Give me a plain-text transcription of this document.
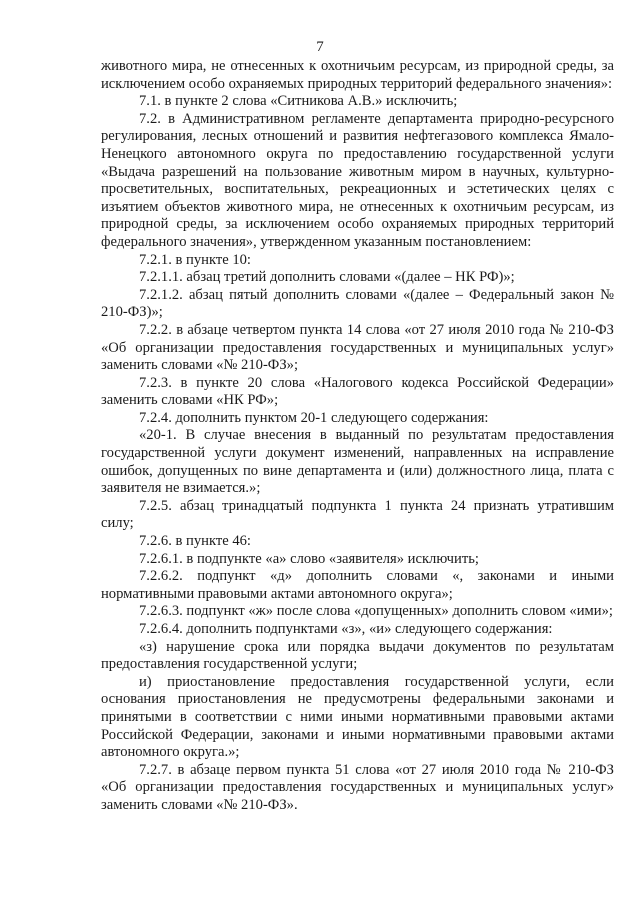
7

животного мира, не отнесенных к охотничьим ресурсам, из природной среды, за исключением особо охраняемых природных территорий федерального значения»:

7.1. в пункте 2 слова «Ситникова А.В.» исключить;

7.2. в Административном регламенте департамента природно-ресурсного регулирования, лесных отношений и развития нефтегазового комплекса Ямало-Ненецкого автономного округа по предоставлению государственной услуги «Выдача разрешений на пользование животным миром в научных, культурно-просветительных, воспитательных, рекреационных и эстетических целях с изъятием объектов животного мира, не отнесенных к охотничьим ресурсам, из природной среды, за исключением особо охраняемых природных территорий федерального значения», утвержденном указанным постановлением:

7.2.1. в пункте 10:

7.2.1.1. абзац третий дополнить словами «(далее – НК РФ)»;

7.2.1.2. абзац пятый дополнить словами «(далее – Федеральный закон № 210-ФЗ)»;

7.2.2. в абзаце четвертом пункта 14 слова «от 27 июля 2010 года № 210-ФЗ «Об организации предоставления государственных и муниципальных услуг» заменить словами «№ 210-ФЗ»;

7.2.3. в пункте 20 слова «Налогового кодекса Российской Федерации» заменить словами «НК РФ»;

7.2.4. дополнить пунктом 20-1 следующего содержания:

«20-1. В случае внесения в выданный по результатам предоставления государственной услуги документ изменений, направленных на исправление ошибок, допущенных по вине департамента и (или) должностного лица, плата с заявителя не взимается.»;

7.2.5. абзац тринадцатый подпункта 1 пункта 24 признать утратившим силу;

7.2.6. в пункте 46:

7.2.6.1. в подпункте «а» слово «заявителя» исключить;

7.2.6.2. подпункт «д» дополнить словами «, законами и иными нормативными правовыми актами автономного округа»;

7.2.6.3. подпункт «ж» после слова «допущенных» дополнить словом «ими»;

7.2.6.4. дополнить подпунктами «з», «и» следующего содержания:

«з) нарушение срока или порядка выдачи документов по результатам предоставления государственной услуги;

и) приостановление предоставления государственной услуги, если основания приостановления не предусмотрены федеральными законами и принятыми в соответствии с ними иными нормативными правовыми актами Российской Федерации, законами и иными нормативными правовыми актами автономного округа.»;

7.2.7. в абзаце первом пункта 51 слова «от 27 июля 2010 года № 210-ФЗ «Об организации предоставления государственных и муниципальных услуг» заменить словами «№ 210-ФЗ».
